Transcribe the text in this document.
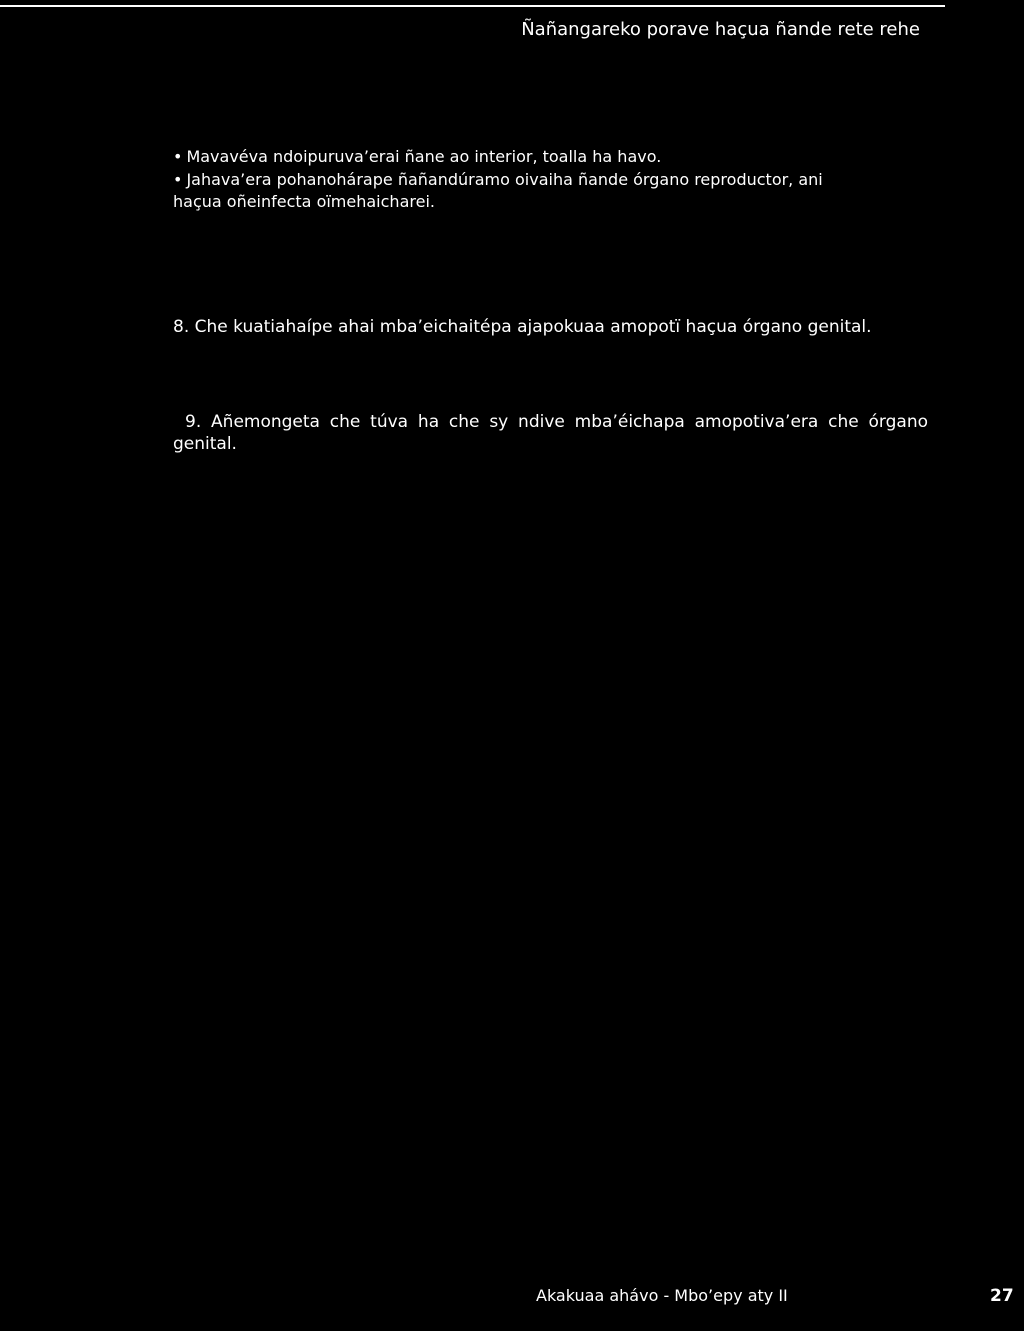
Ñañangareko porave haçua ñande rete rehe
• Mavavéva ndoipuruva’erai ñane ao interior, toalla ha havo.
• Jahava’era pohanohárape ñañandúramo oivaiha ñande órgano reproductor, ani haçua oñeinfecta oïmehaicharei.
8. Che kuatiahaípe ahai mba’eichaitépa ajapokuaa amopotï haçua órgano genital.
9. Añemongeta che túva ha che sy ndive mba’éichapa amopotiva’era che órgano genital.
Akakuaa ahávo - Mbo’epy aty II	27
